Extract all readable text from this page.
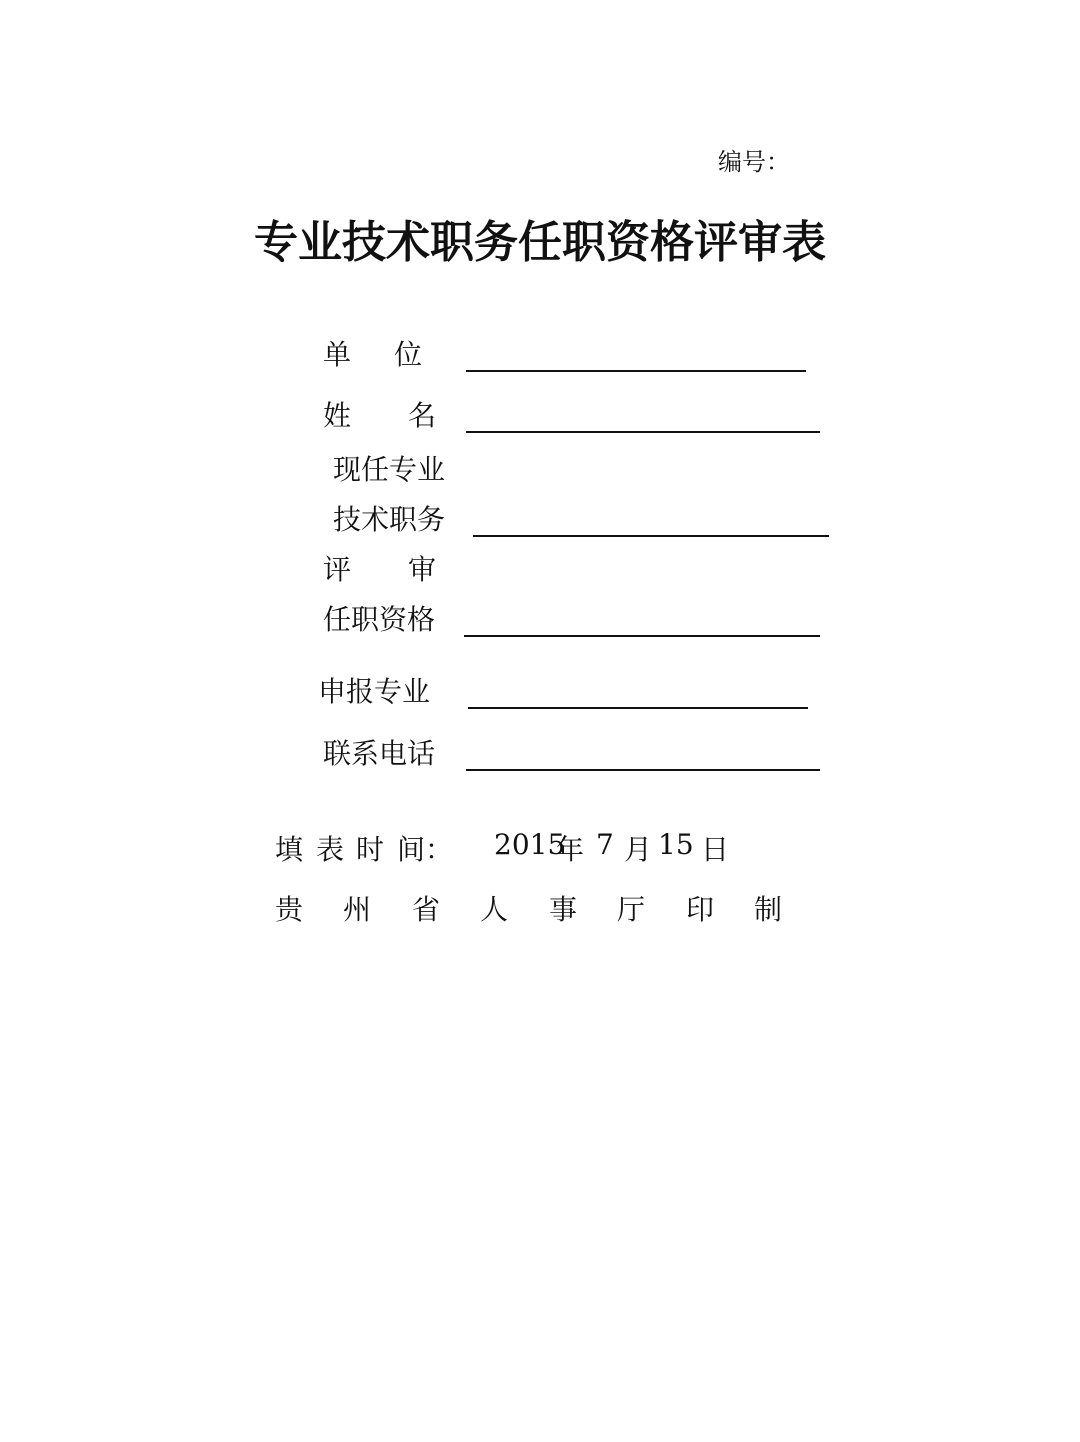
编号：
专业技术职务任职资格评审表
单 位
姓 名
现任专业
技术职务
评 审
任职资格
申报专业
联系电话
填 表 时 间： 2015
年 7 月 15 日
贵 州 省 人 事 厅 印 制
